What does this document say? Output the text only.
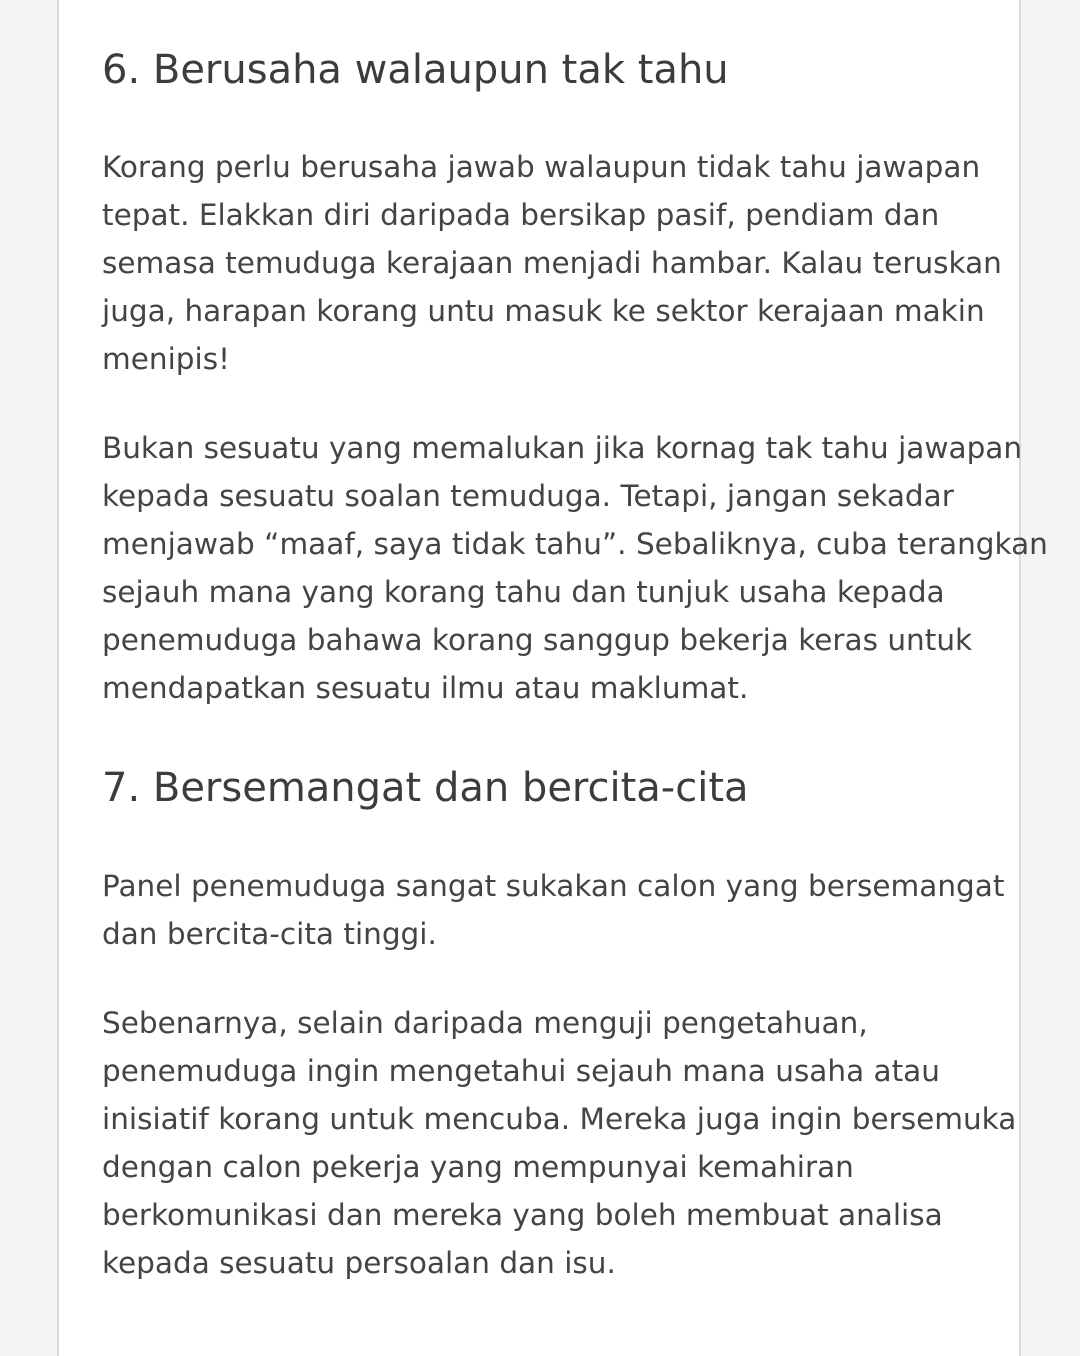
6. Berusaha walaupun tak tahu

Korang perlu berusaha jawab walaupun tidak tahu jawapan
tepat. Elakkan diri daripada bersikap pasif, pendiam dan
semasa temuduga kerajaan menjadi hambar. Kalau teruskan
juga, harapan korang untu masuk ke sektor kerajaan makin
menipis!

Bukan sesuatu yang memalukan jika kornag tak tahu jawapan
kepada sesuatu soalan temuduga. Tetapi, jangan sekadar
menjawab “maaf, saya tidak tahu”. Sebaliknya, cuba terangkan
sejauh mana yang korang tahu dan tunjuk usaha kepada
penemuduga bahawa korang sanggup bekerja keras untuk
mendapatkan sesuatu ilmu atau maklumat.

7. Bersemangat dan bercita-cita

Panel penemuduga sangat sukakan calon yang bersemangat
dan bercita-cita tinggi.

Sebenarnya, selain daripada menguji pengetahuan,
penemuduga ingin mengetahui sejauh mana usaha atau
inisiatif korang untuk mencuba. Mereka juga ingin bersemuka
dengan calon pekerja yang mempunyai kemahiran
berkomunikasi dan mereka yang boleh membuat analisa
kepada sesuatu persoalan dan isu.
